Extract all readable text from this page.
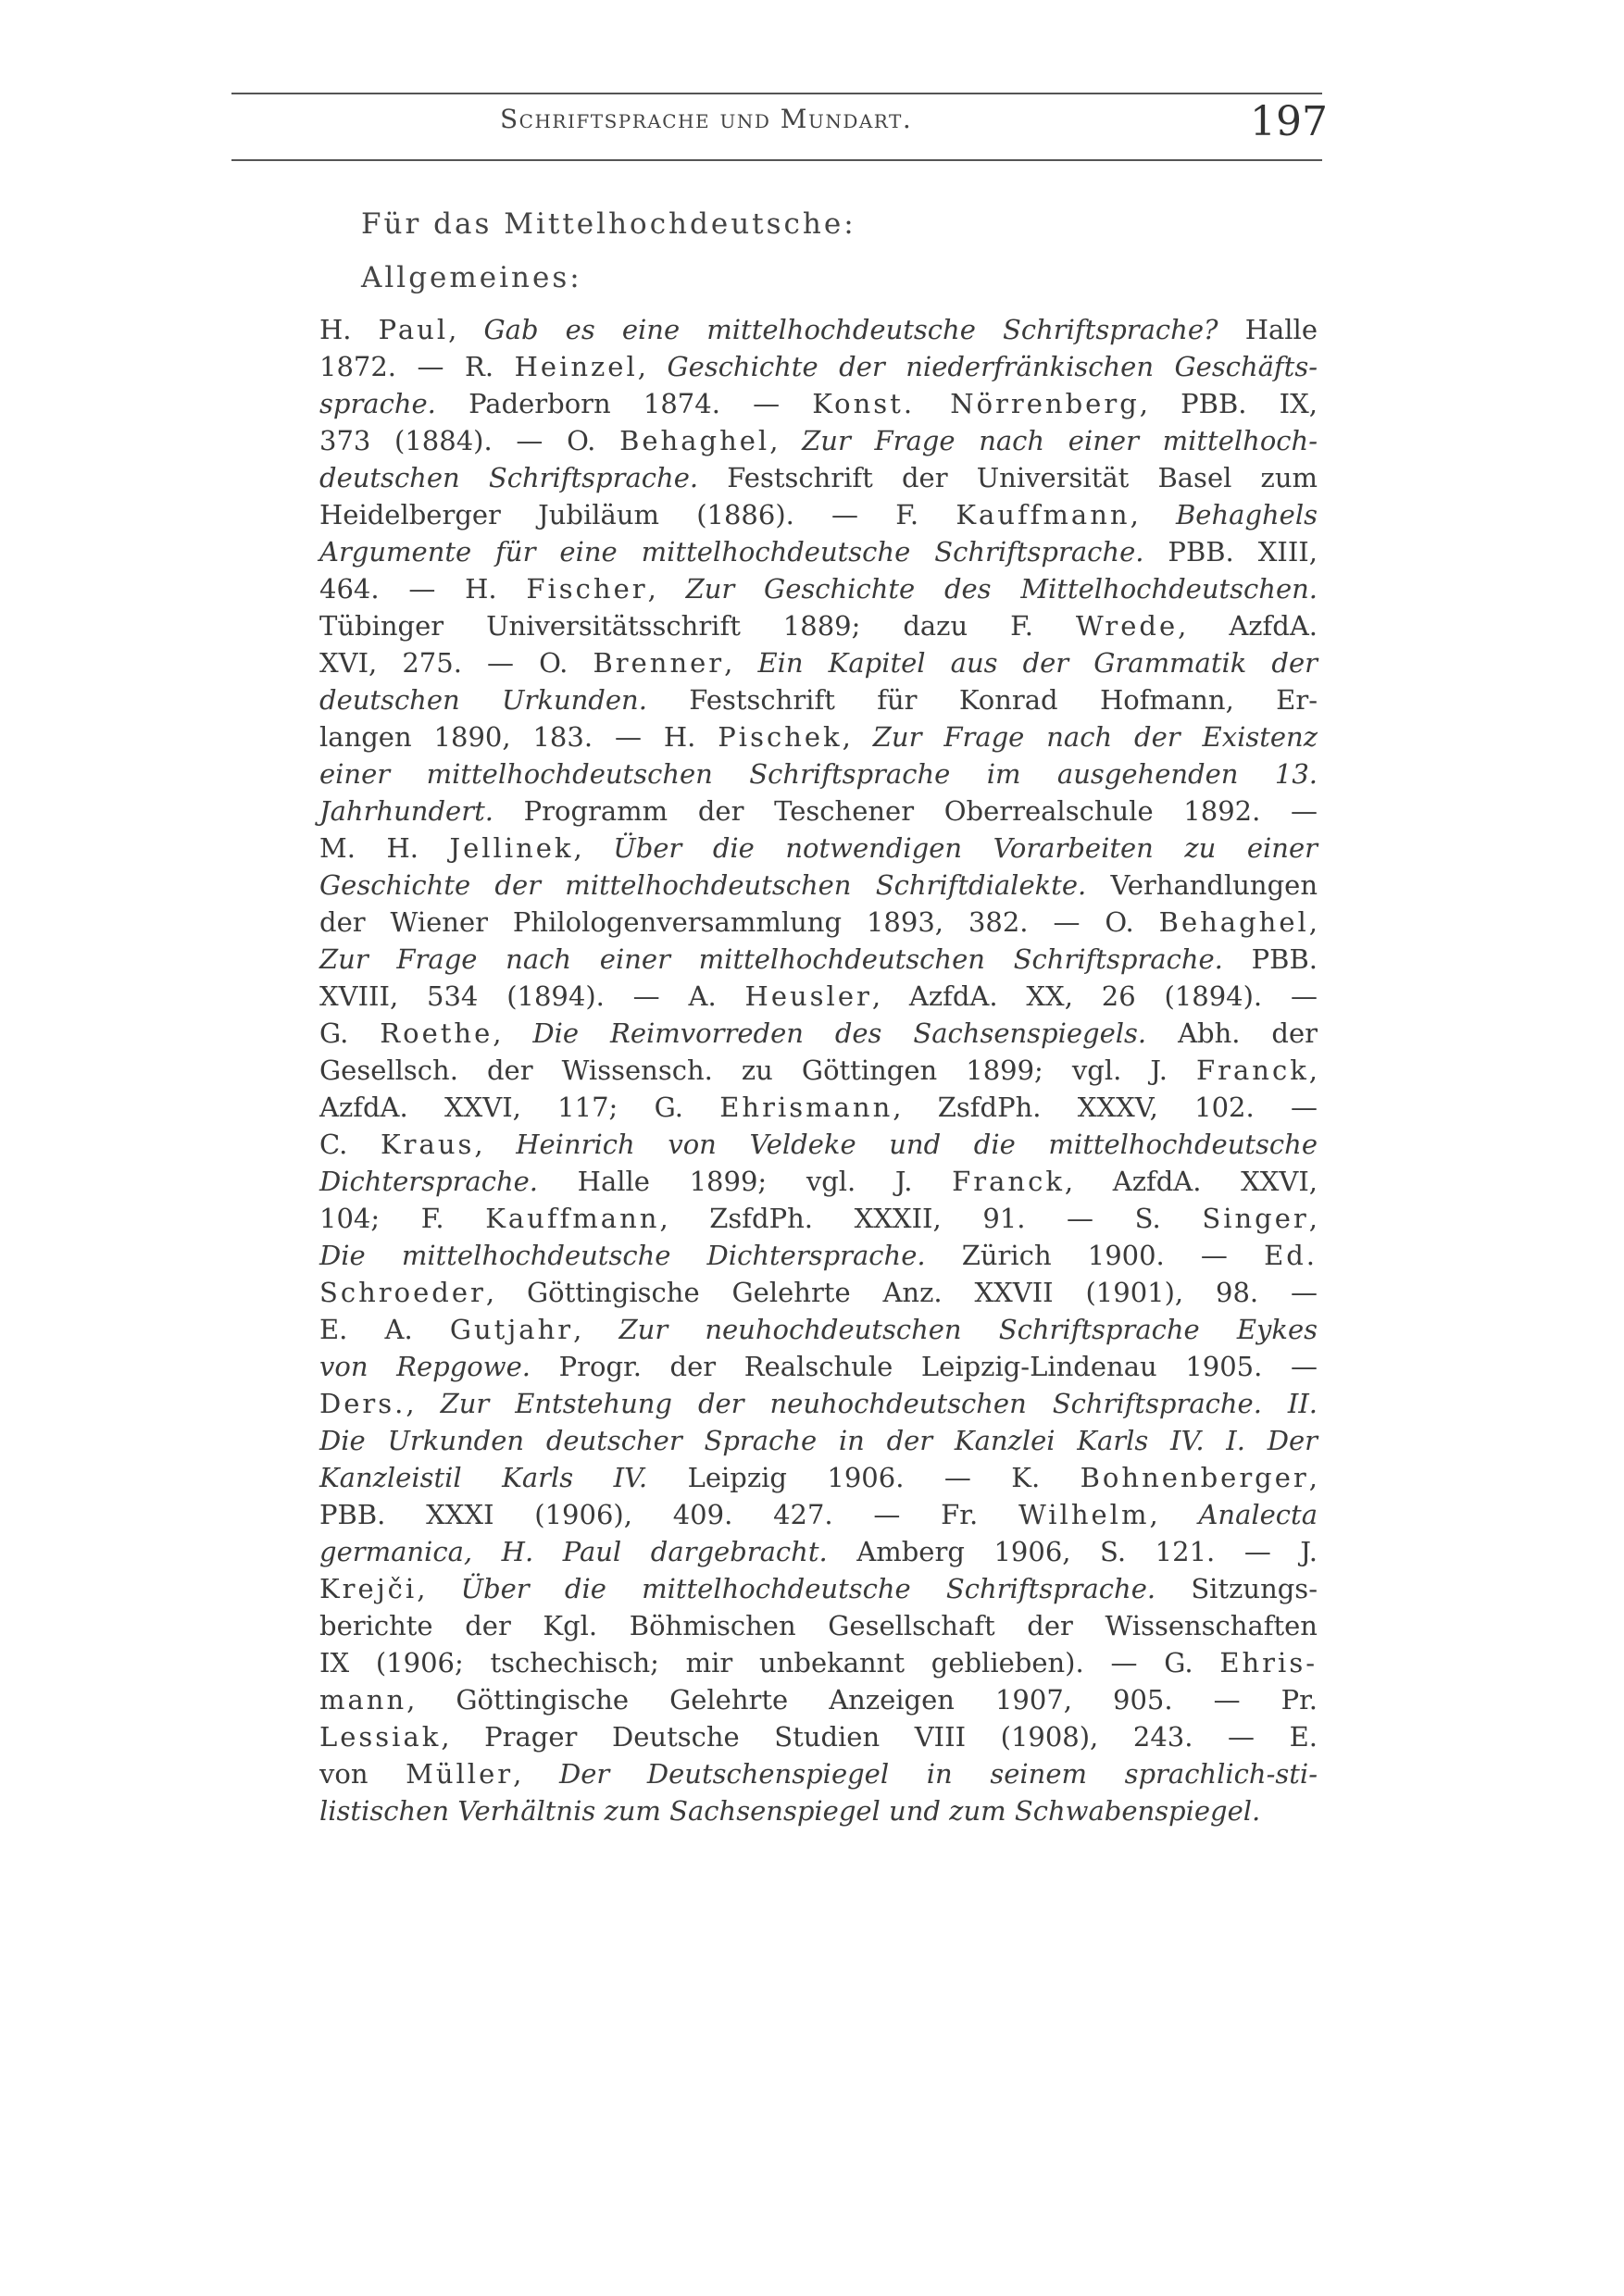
Schriftsprache und Mundart.	197
Für das Mittelhochdeutsche:
Allgemeines:
H. Paul, Gab es eine mittelhochdeutsche Schriftsprache? Halle
1872. — R. Heinzel, Geschichte der niederfränkischen Geschäfts-
sprache. Paderborn 1874. — Konst. Nörrenberg, PBB. IX,
373 (1884). — O. Behaghel, Zur Frage nach einer mittelhoch-
deutschen Schriftsprache. Festschrift der Universität Basel zum
Heidelberger Jubiläum (1886). — F. Kauffmann, Behaghels
Argumente für eine mittelhochdeutsche Schriftsprache. PBB. XIII,
464. — H. Fischer, Zur Geschichte des Mittelhochdeutschen.
Tübinger Universitätsschrift 1889; dazu F. Wrede, AzfdA.
XVI, 275. — O. Brenner, Ein Kapitel aus der Grammatik der
deutschen Urkunden. Festschrift für Konrad Hofmann, Er-
langen 1890, 183. — H. Pischek, Zur Frage nach der Existenz
einer mittelhochdeutschen Schriftsprache im ausgehenden 13.
Jahrhundert. Programm der Teschener Oberrealschule 1892. —
M. H. Jellinek, Über die notwendigen Vorarbeiten zu einer
Geschichte der mittelhochdeutschen Schriftdialekte. Verhandlungen
der Wiener Philologenversammlung 1893, 382. — O. Behaghel,
Zur Frage nach einer mittelhochdeutschen Schriftsprache. PBB.
XVIII, 534 (1894). — A. Heusler, AzfdA. XX, 26 (1894). —
G. Roethe, Die Reimvorreden des Sachsenspiegels. Abh. der
Gesellsch. der Wissensch. zu Göttingen 1899; vgl. J. Franck,
AzfdA. XXVI, 117; G. Ehrismann, ZsfdPh. XXXV, 102. —
C. Kraus, Heinrich von Veldeke und die mittelhochdeutsche
Dichtersprache. Halle 1899; vgl. J. Franck, AzfdA. XXVI,
104; F. Kauffmann, ZsfdPh. XXXII, 91. — S. Singer,
Die mittelhochdeutsche Dichtersprache. Zürich 1900. — Ed.
Schroeder, Göttingische Gelehrte Anz. XXVII (1901), 98. —
E. A. Gutjahr, Zur neuhochdeutschen Schriftsprache Eykes
von Repgowe. Progr. der Realschule Leipzig-Lindenau 1905. —
Ders., Zur Entstehung der neuhochdeutschen Schriftsprache. II.
Die Urkunden deutscher Sprache in der Kanzlei Karls IV. I. Der
Kanzleistil Karls IV. Leipzig 1906. — K. Bohnenberger,
PBB. XXXI (1906), 409. 427. — Fr. Wilhelm, Analecta
germanica, H. Paul dargebracht. Amberg 1906, S. 121. — J.
Krejči, Über die mittelhochdeutsche Schriftsprache. Sitzungs-
berichte der Kgl. Böhmischen Gesellschaft der Wissenschaften
IX (1906; tschechisch; mir unbekannt geblieben). — G. Ehris-
mann, Göttingische Gelehrte Anzeigen 1907, 905. — Pr.
Lessiak, Prager Deutsche Studien VIII (1908), 243. — E.
von Müller, Der Deutschenspiegel in seinem sprachlich-sti-
listischen Verhältnis zum Sachsenspiegel und zum Schwabenspiegel.
